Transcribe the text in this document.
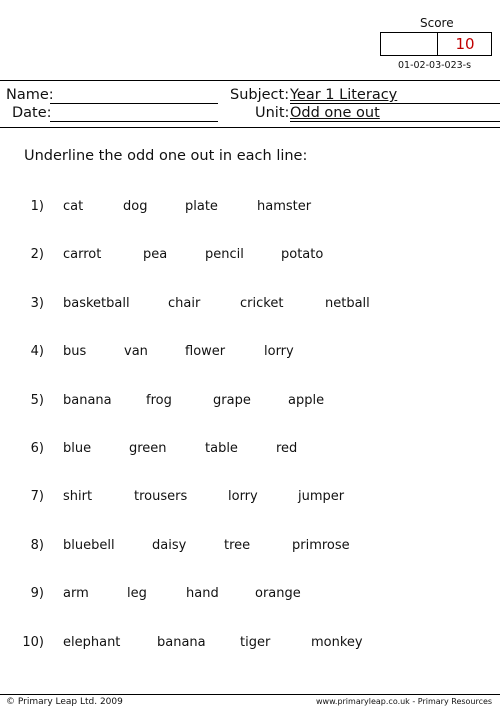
Score
10
01-02-03-023-s
Name:
Date:
Subject: Year 1 Literacy
Unit: Odd one out
Underline the odd one out in each line:
1) cat	dog	plate	hamster
2) carrot	pea	pencil	potato
3) basketball	chair	cricket	netball
4) bus	van	flower	lorry
5) banana	frog	grape	apple
6) blue	green	table	red
7) shirt	trousers	lorry	jumper
8) bluebell	daisy	tree	primrose
9) arm	leg	hand	orange
10) elephant	banana	tiger	monkey
© Primary Leap Ltd. 2009	www.primaryleap.co.uk - Primary Resources
